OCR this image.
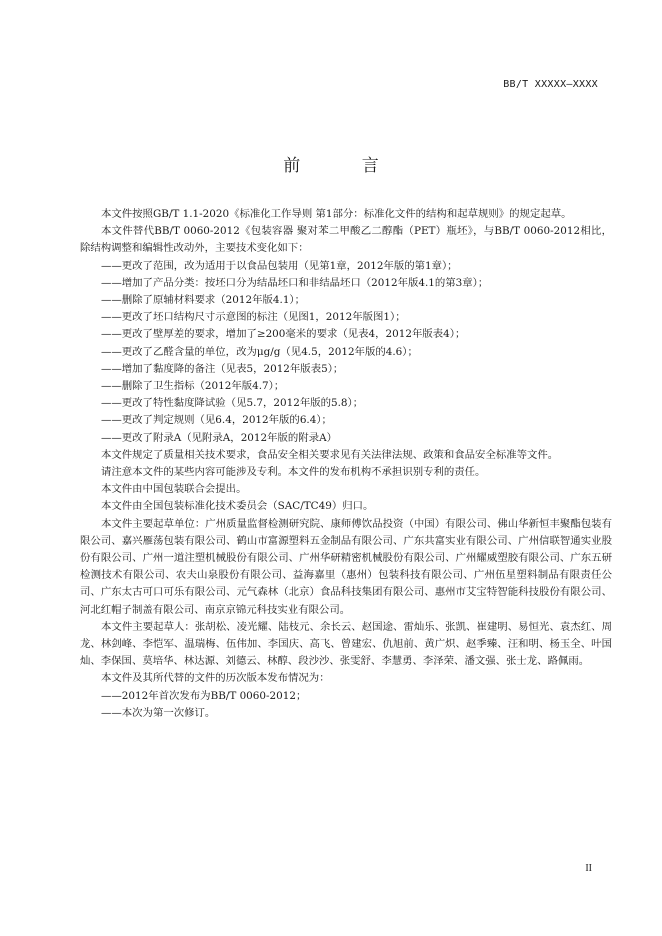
BB/T XXXXX—XXXX
前 言

本文件按照GB/T 1.1-2020《标准化工作导则 第1部分：标准化文件的结构和起草规则》的规定起草。

本文件替代BB/T 0060-2012《包装容器 聚对苯二甲酸乙二醇酯（PET）瓶坯》，与BB/T 0060-2012相比，除结构调整和编辑性改动外，主要技术变化如下：

——更改了范围，改为适用于以食品包装用（见第1章，2012年版的第1章）；

——增加了产品分类：按坯口分为结晶坯口和非结晶坯口（2012年版4.1的第3章）；

——删除了原辅材料要求（2012年版4.1）；

——更改了坯口结构尺寸示意图的标注（见图1，2012年版图1）；

——更改了壁厚差的要求，增加了≥200毫米的要求（见表4，2012年版表4）；

——更改了乙醛含量的单位，改为μg/g（见4.5，2012年版的4.6）；

——增加了黏度降的备注（见表5，2012年版表5）；

——删除了卫生指标（2012年版4.7）；

——更改了特性黏度降试验（见5.7，2012年版的5.8）；

——更改了判定规则（见6.4，2012年版的6.4）；

——更改了附录A（见附录A，2012年版的附录A）

本文件规定了质量相关技术要求，食品安全相关要求见有关法律法规、政策和食品安全标准等文件。

请注意本文件的某些内容可能涉及专利。本文件的发布机构不承担识别专利的责任。

本文件由中国包装联合会提出。

本文件由全国包装标准化技术委员会（SAC/TC49）归口。

本文件主要起草单位：广州质量监督检测研究院、康师傅饮品投资（中国）有限公司、佛山华新恒丰聚酯包装有限公司、嘉兴雁荡包装有限公司、鹤山市富源塑料五金制品有限公司、广东共富实业有限公司、广州信联智通实业股份有限公司、广州一道注塑机械股份有限公司、广州华研精密机械股份有限公司、广州耀威塑胶有限公司、广东五研检测技术有限公司、农夫山泉股份有限公司、益海嘉里（惠州）包装科技有限公司、广州伍星塑料制品有限责任公司、广东太古可口可乐有限公司、元气森林（北京）食品科技集团有限公司、惠州市艾宝特智能科技股份有限公司、河北红帽子制盖有限公司、南京京锦元科技实业有限公司。

本文件主要起草人：张胡松、凌光耀、陆枝元、余长云、赵国途、雷灿乐、张凯、崔建明、易恒光、袁杰红、周龙、林剑峰、李恺军、温瑞梅、伍伟加、李国庆、高飞、曾建宏、仇旭前、黄广炽、赵季臻、汪和明、杨玉全、叶国灿、李保国、莫培华、林达源、刘德云、林醇、段沙沙、张雯舒、李慧勇、李泽荣、潘文强、张士龙、路佩雨。

本文件及其所代替的文件的历次版本发布情况为：

——2012年首次发布为BB/T 0060-2012；

——本次为第一次修订。

II
